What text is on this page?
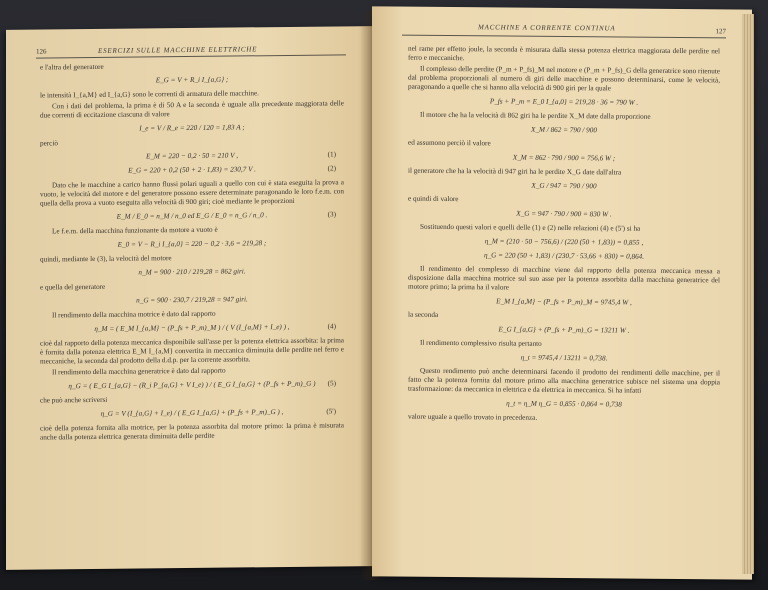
126	ESERCIZI SULLE MACCHINE ELETTRICHE

e l'altra del generatore

E_G = V + R_i I_{a,G} ;

le intensità I_{a,M} ed I_{a,G} sono le correnti di armatura delle macchine.

Con i dati del problema, la prima è di 50 A e la seconda è uguale alla precedente maggiorata delle due correnti di eccitazione ciascuna di valore

I_e = V / R_e = 220 / 120 = 1,83 A ;

perciò

E_M = 220 − 0,2 · 50 = 210 V ,	(1)
E_G = 220 + 0,2 (50 + 2 · 1,83) = 230,7 V .	(2)

Dato che le macchine a carico hanno flussi polari uguali a quello con cui è stata eseguita la prova a vuoto, le velocità del motore e del generatore possono essere determinate paragonando le loro f.e.m. con quella della prova a vuoto eseguita alla velocità di 900 giri; cioè mediante le proporzioni

E_M / E_0 = n_M / n_0 ed E_G / E_0 = n_G / n_0 .	(3)

Le f.e.m. della macchina funzionante da motore a vuoto è

E_0 = V − R_i I_{a,0} = 220 − 0,2 · 3,6 = 219,28 ;

quindi, mediante le (3), la velocità del motore

n_M = 900 · 210 / 219,28 = 862 giri.

e quella del generatore

n_G = 900 · 230,7 / 219,28 = 947 giri.

Il rendimento della macchina motrice è dato dal rapporto

η_M = ( E_M I_{a,M} − (P_fs + P_m)_M ) / ( V (I_{a,M} + I_e) ) ,	(4)

cioè dal rapporto della potenza meccanica disponibile sull'asse per la potenza elettrica assorbita: la prima è fornita dalla potenza elettrica E_M I_{a,M} convertita in meccanica diminuita delle perdite nel ferro e meccaniche, la seconda dal prodotto della d.d.p. per la corrente assorbita.

Il rendimento della macchina generatrice è dato dal rapporto

η_G = ( E_G I_{a,G} − (R_i P_{a,G} + V I_e) ) / ( E_G I_{a,G} + (P_fs + P_m)_G ) (5)

che può anche scriversi

η_G = V (I_{a,G} + I_e) / ( E_G I_{a,G} + (P_fs + P_m)_G ) ,	(5')

cioè della potenza fornita alla motrice, per la potenza assorbita dal motore primo: la prima è misurata anche dalla potenza elettrica generata diminuita delle perdite

MACCHINE A CORRENTE CONTINUA	127

nel rame per effetto joule, la seconda è misurata dalla stessa potenza elettrica maggiorata delle perdite nel ferro e meccaniche.

Il complesso delle perdite (P_m + P_fs)_M nel motore e (P_m + P_fs)_G della generatrice sono ritenute dal problema proporzionali al numero di giri delle macchine e possono determinarsi, come le velocità, paragonando a quelle che si hanno alla velocità di 900 giri per la quale

P_fs + P_m = E_0 I_{a,0} = 219,28 · 36 = 790 W .

Il motore che ha la velocità di 862 giri ha le perdite X_M date dalla proporzione

X_M / 862 = 790 / 900

ed assumono perciò il valore

X_M = 862 · 790 / 900 = 756,6 W ;

il generatore che ha la velocità di 947 giri ha le perdite X_G date dall'altra

X_G / 947 = 790 / 900

e quindi di valore

X_G = 947 · 790 / 900 = 830 W .

Sostituendo questi valori e quelli delle (1) e (2) nelle relazioni (4) e (5') si ha

η_M = (210 · 50 − 756,6) / (220 (50 + 1,83)) = 0,855 ,
η_G = 220 (50 + 1,83) / (230,7 · 53,66 + 830) = 0,864.

Il rendimento del complesso di macchine viene dal rapporto della potenza meccanica messa a disposizione dalla macchina motrice sul suo asse per la potenza assorbita dalla macchina generatrice del motore primo; la prima ha il valore

E_M I_{a,M} − (P_fs + P_m)_M = 9745,4 W ,

la seconda

E_G I_{a,G} + (P_fs + P_m)_G = 13211 W .

Il rendimento complessivo risulta pertanto

η_t = 9745,4 / 13211 = 0,738.

Questo rendimento può anche determinarsi facendo il prodotto dei rendimenti delle macchine, per il fatto che la potenza fornita dal motore primo alla macchina generatrice subisce nel sistema una doppia trasformazione: da meccanica in elettrica e da elettrica in meccanica. Si ha infatti

η_t = η_M η_G = 0,855 · 0,864 = 0,738

valore uguale a quello trovato in precedenza.
